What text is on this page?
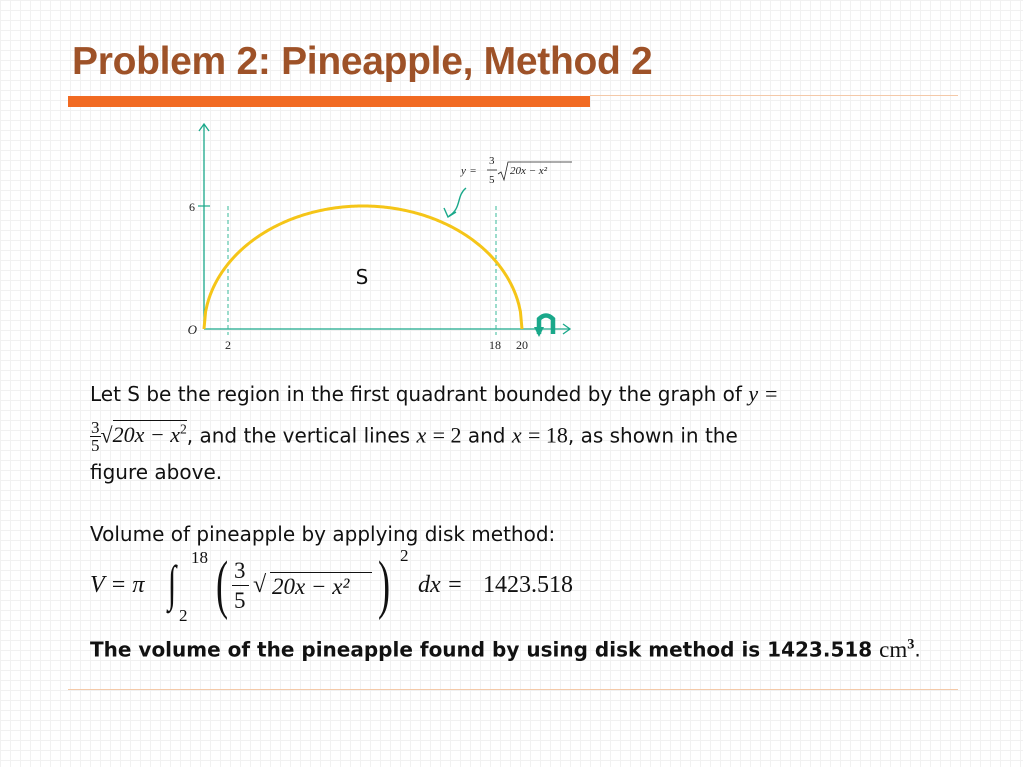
Problem 2: Pineapple, Method 2
6
O
2	18 20
S
y =
3
5
20x − x²
Let S be the region in the first quadrant bounded by the graph of y =
$\frac{3}{5} √20x - x^2$, and the vertical lines x = 2 and x = 18, as shown in the
figure above.
Volume of pineapple by applying disk method:
V = π ∫ 18
2 ( 3
5
√ 20x − x² ) 2
dx = 1423.518
The volume of the pineapple found by using disk method is 1423.518 $cm^3$.
